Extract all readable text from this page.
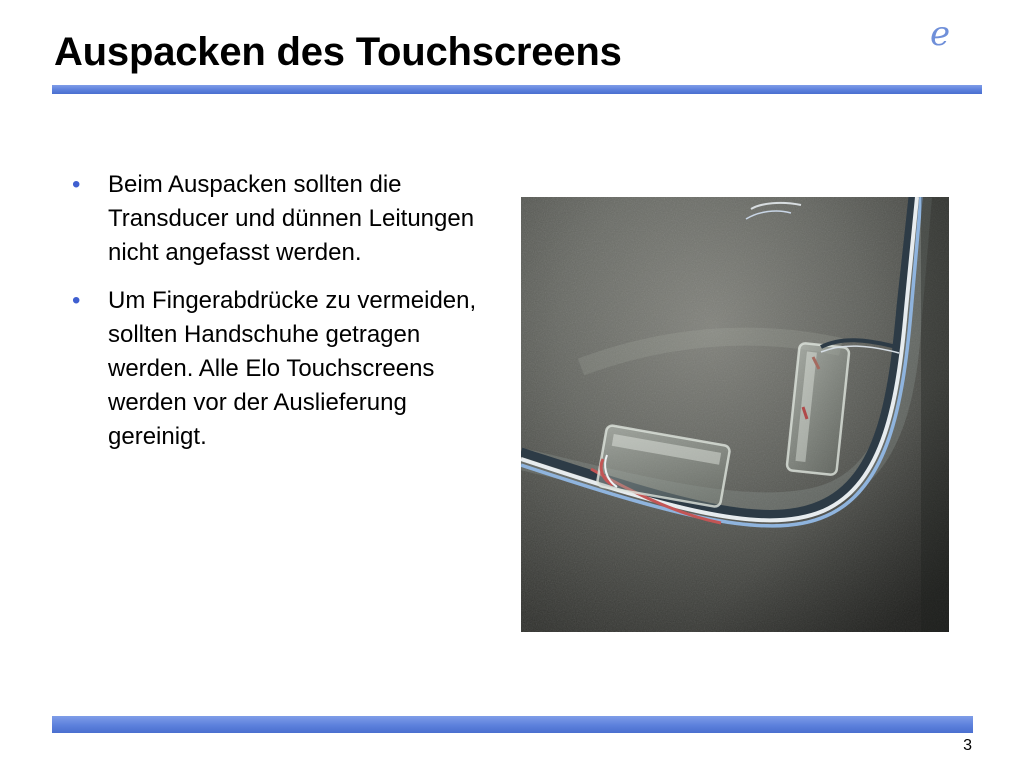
Auspacken des Touchscreens	e
• Beim Auspacken sollten die Transducer und dünnen Leitungen nicht angefasst werden.
• Um Fingerabdrücke zu vermeiden, sollten Handschuhe getragen werden. Alle Elo Touchscreens werden vor der Auslieferung gereinigt.
3
